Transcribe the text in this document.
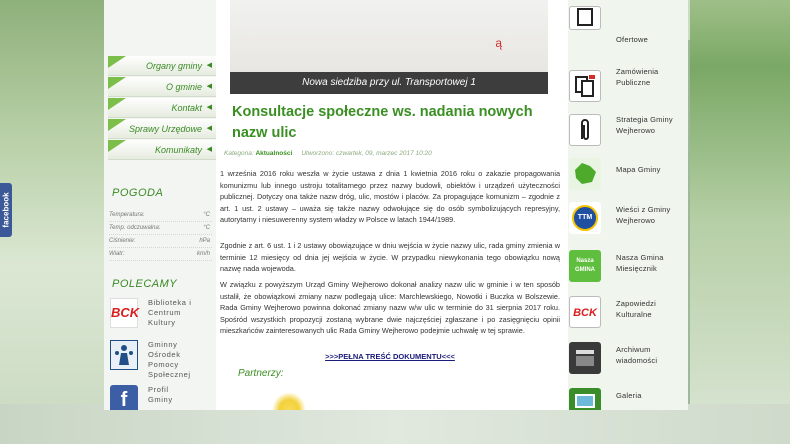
facebook
Organy gminy ◀
O gminie ◀
Kontakt ◀
Sprawy Urzędowe ◀
Komunikaty ◀
POGODA
Temperatura:	°C
Temp. odczuwalna:	°C
Ciśnienie:	hPa
Wiatr:	km/h
POLECAMY
BCK
Biblioteka i
Centrum
Kultury
Gminny
Ośrodek
Pomocy
Społecznej
f	Profil
Gminy
ą
Nowa siedziba przy ul. Transportowej 1
Konsultacje społeczne ws. nadania nowych nazw ulic
Kategoria: Aktualności Utworzono: czwartek, 09, marzec 2017 10:20
1 września 2016 roku weszła w życie ustawa z dnia 1 kwietnia 2016 roku o zakazie propagowania komunizmu lub innego ustroju totalitarnego przez nazwy budowli, obiektów i urządzeń użyteczności publicznej. Dotyczy ona także nazw dróg, ulic, mostów i placów. Za propagujące komunizm – zgodnie z art. 1 ust. 2 ustawy – uważa się także nazwy odwołujące się do osób symbolizujących represyjny, autorytarny i niesuwerenny system władzy w Polsce w latach 1944/1989.
Zgodnie z art. 6 ust. 1 i 2 ustawy obowiązujące w dniu wejścia w życie nazwy ulic, rada gminy zmienia w terminie 12 miesięcy od dnia jej wejścia w życie. W przypadku niewykonania tego obowiązku nową nazwę nada wojewoda.
W związku z powyższym Urząd Gminy Wejherowo dokonał analizy nazw ulic w gminie i w ten sposób ustalił, że obowiązkowi zmiany nazw podlegają ulice: Marchlewskiego, Nowotki i Buczka w Bolszewie. Rada Gminy Wejherowo powinna dokonać zmiany nazw w/w ulic w terminie do 31 sierpnia 2017 roku. Spośród wszystkich propozycji zostaną wybrane dwie najczęściej zgłaszane i po zasięgnięciu opinii mieszkańców zainteresowanych ulic Rada Gminy Wejherowo podejmie uchwałę w tej sprawie.
>>>PEŁNA TREŚĆ DOKUMENTU<<<
Partnerzy:
Ofertowe
Zamówienia
Publiczne
Strategia Gminy
Wejherowo
Mapa Gminy
TTM
Wieści z Gminy
Wejherowo
Nasza
GMINA
Nasza Gmina
Miesięcznik
BCK
Zapowiedzi
Kulturalne
Archiwum
wiadomości
Galeria
